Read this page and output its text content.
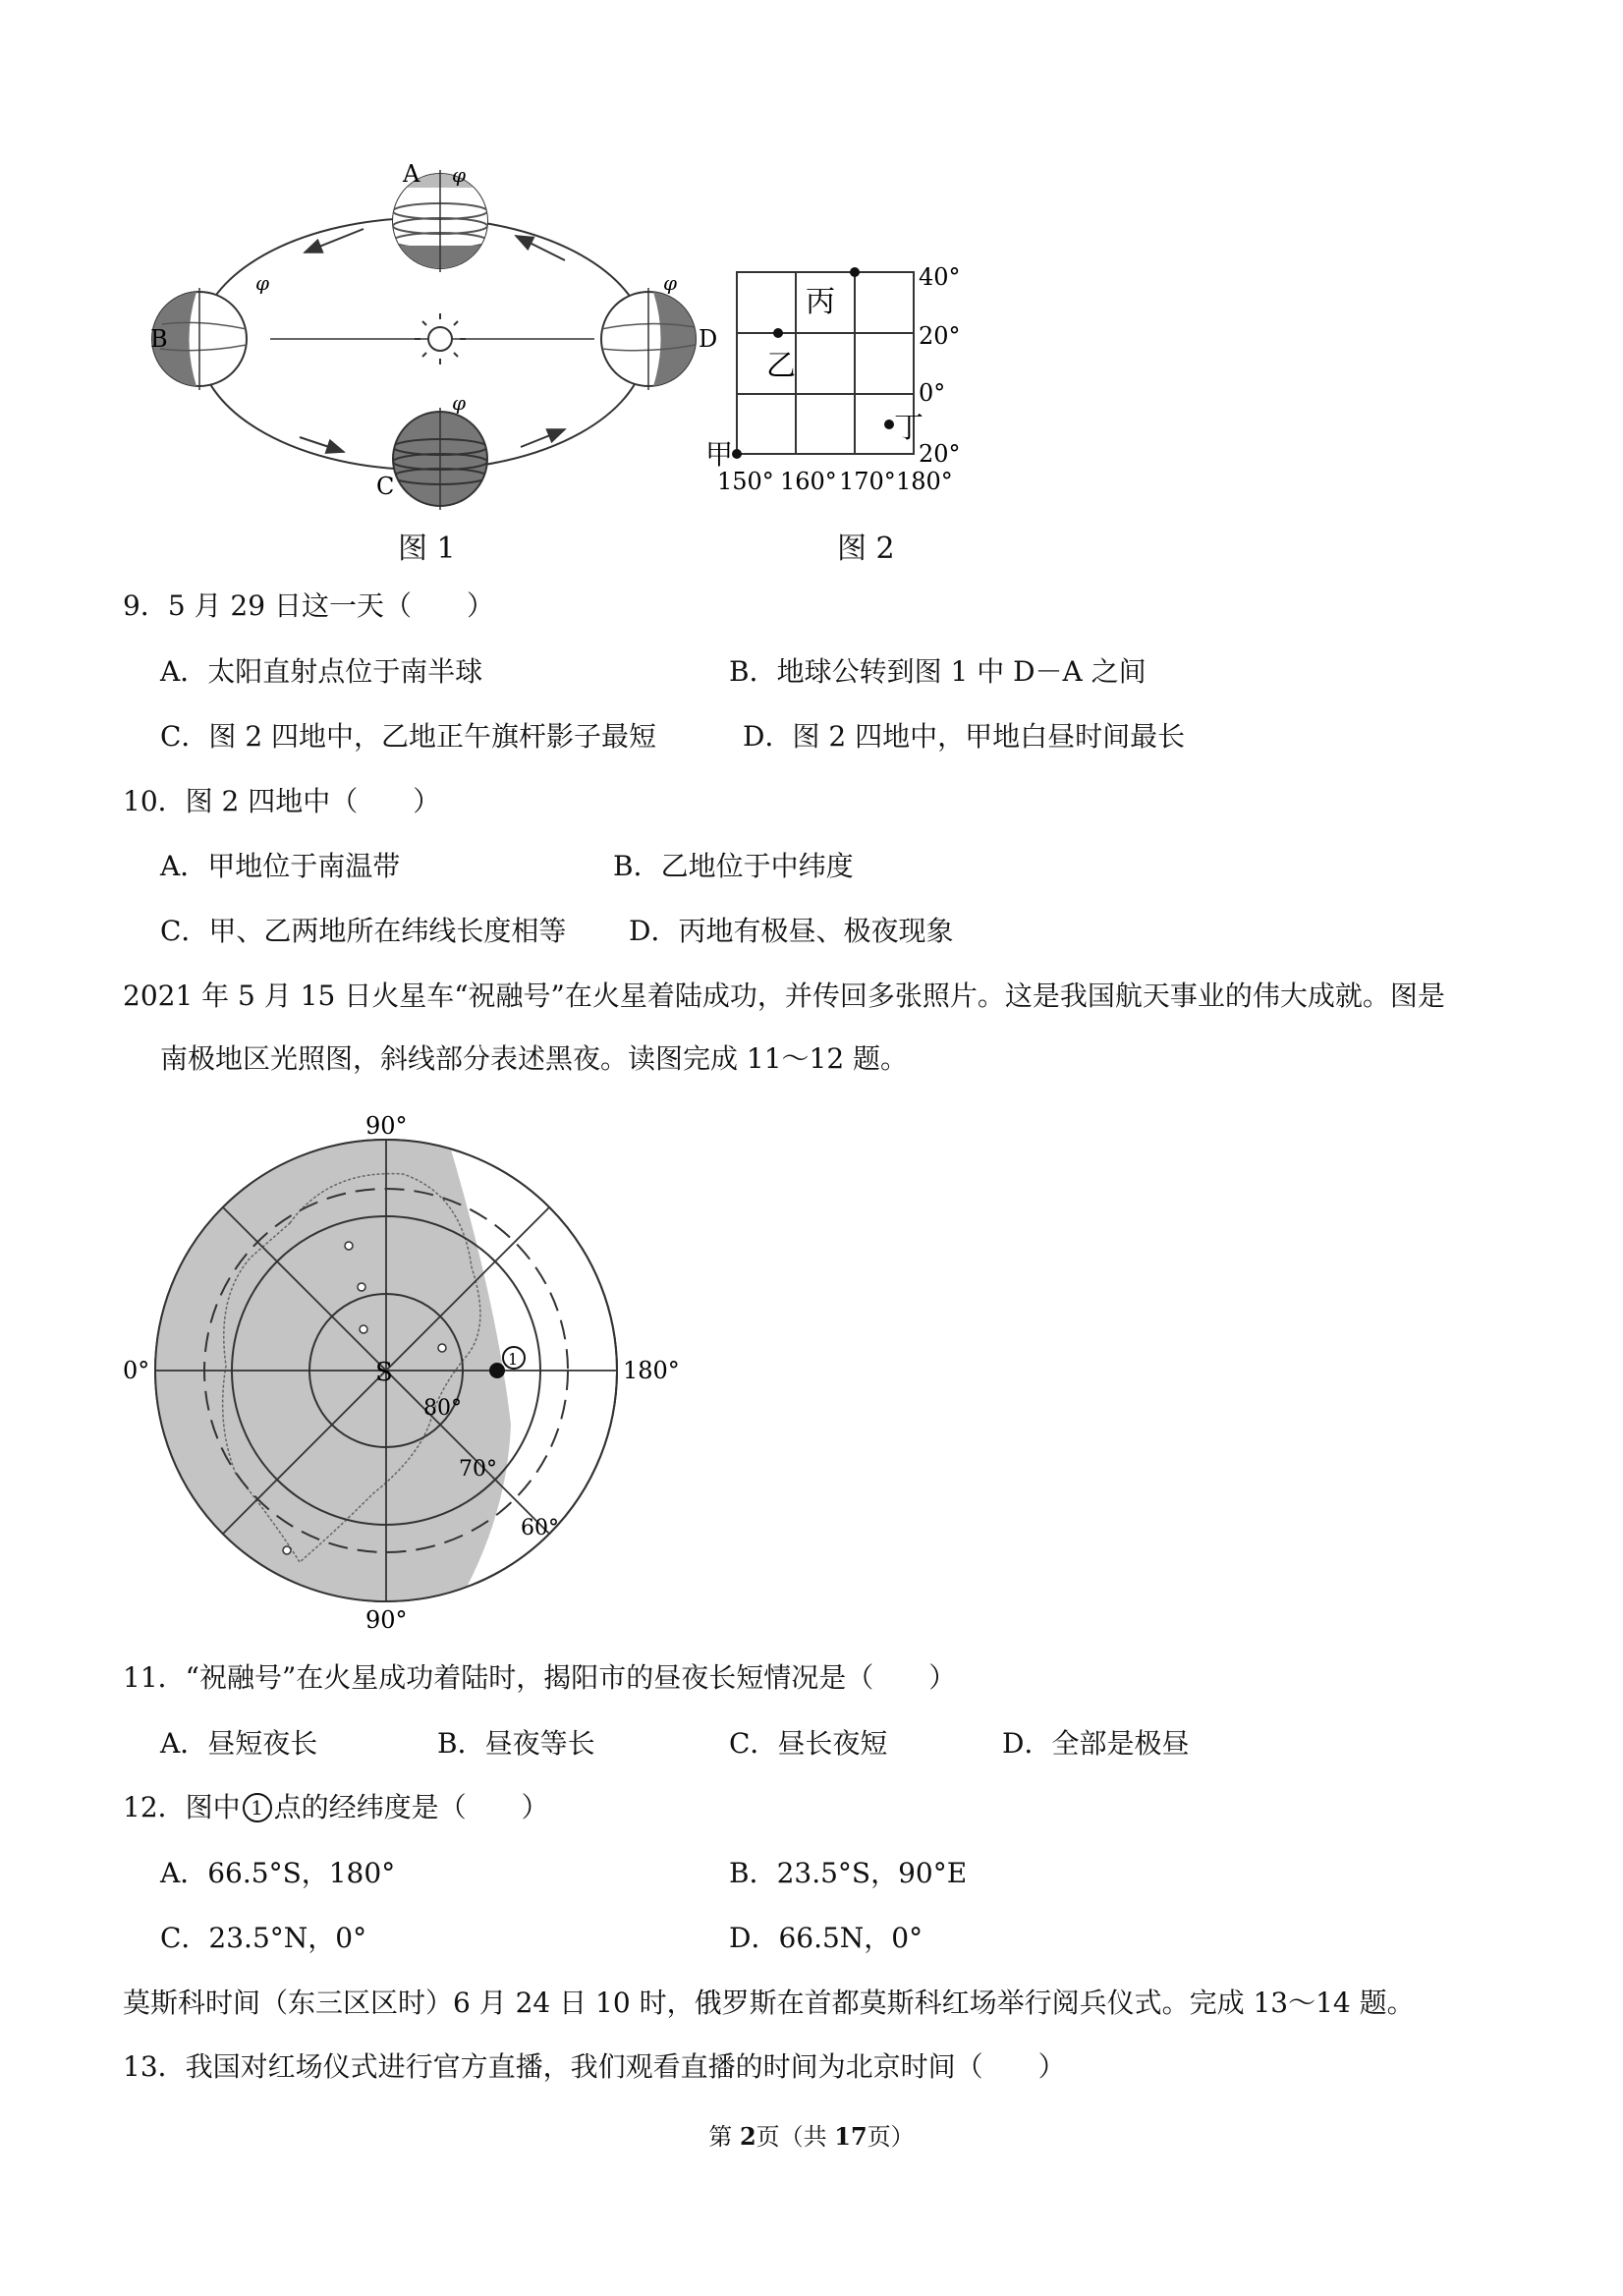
A
B
C
D
φ
φ
φ
φ
图 1
甲
乙
丙
丁
40°
20°
0°
20°
150° 160° 170° 180°
图 2
9．5 月 29 日这一天（　　）
A．太阳直射点位于南半球	B．地球公转到图 1 中 D－A 之间
C．图 2 四地中，乙地正午旗杆影子最短	D．图 2 四地中，甲地白昼时间最长
10．图 2 四地中（　　）
A．甲地位于南温带	B．乙地位于中纬度
C．甲、乙两地所在纬线长度相等 D．丙地有极昼、极夜现象
2021 年 5 月 15 日火星车“祝融号”在火星着陆成功，并传回多张照片。这是我国航天事业的伟大成就。图是
南极地区光照图，斜线部分表述黑夜。读图完成 11～12 题。
1
90°
90°
0°	180°
S
80°
70°
60°
11．“祝融号”在火星成功着陆时，揭阳市的昼夜长短情况是（　　）
A．昼短夜长	B．昼夜等长	C．昼长夜短	D．全部是极昼
12．图中 1 点的经纬度是（　　）
A．66.5°S，180°	B．23.5°S，90°E
C．23.5°N，0°	D．66.5N，0°
莫斯科时间（东三区区时）6 月 24 日 10 时，俄罗斯在首都莫斯科红场举行阅兵仪式。完成 13～14 题。
13．我国对红场仪式进行官方直播，我们观看直播的时间为北京时间（　　）
第 2页（共 17页）
